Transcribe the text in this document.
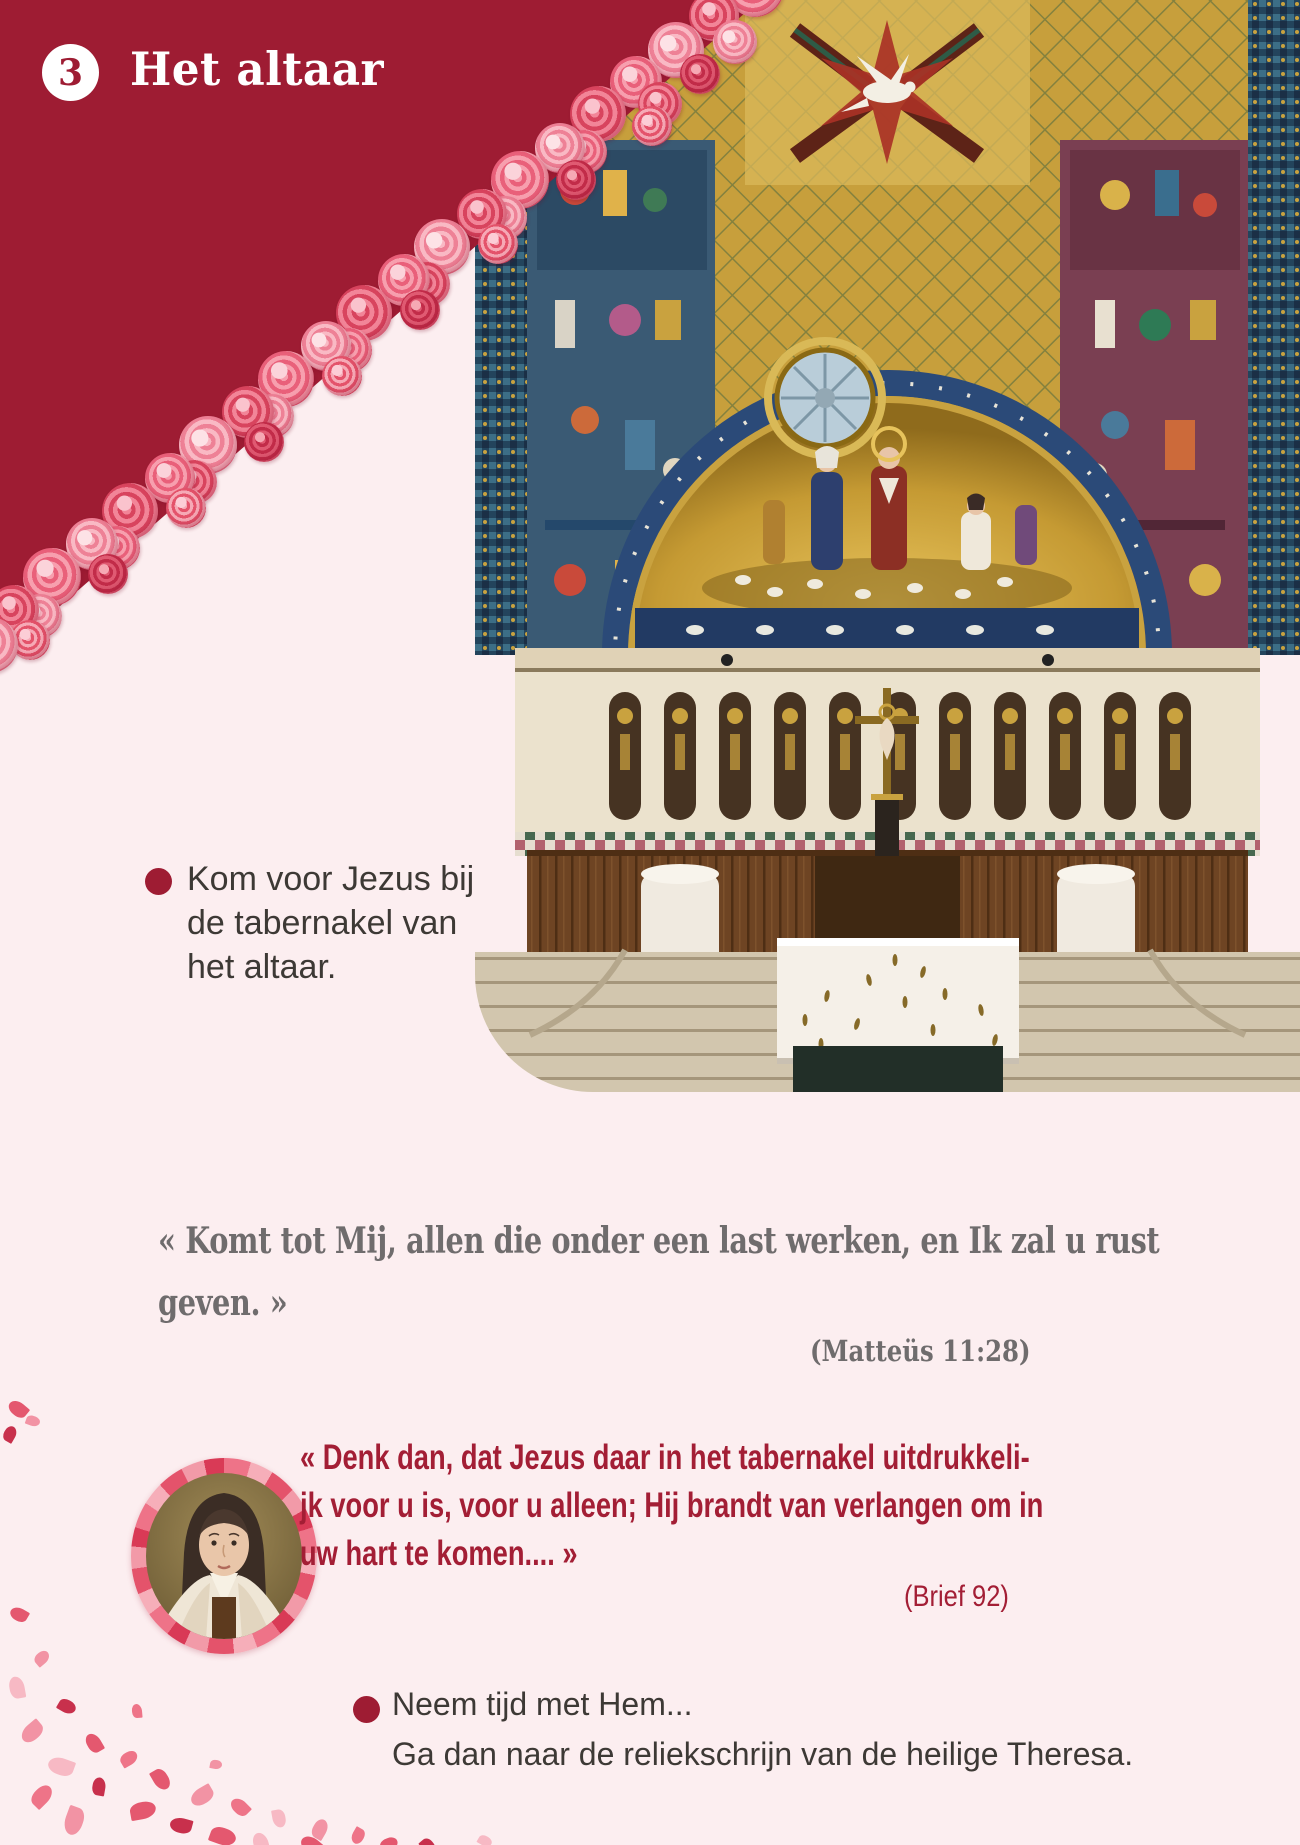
3 Het altaar
Kom voor Jezus bij
de tabernakel van
het altaar.
« Komt tot Mij, allen die onder een last werken, en Ik zal u rust
geven. »
(Matteüs 11:28)
« Denk dan, dat Jezus daar in het tabernakel uitdrukkeli-
jk voor u is, voor u alleen; Hij brandt van verlangen om in
uw hart te komen.... »
(Brief 92)
Neem tijd met Hem...
Ga dan naar de reliekschrijn van de heilige Theresa.
